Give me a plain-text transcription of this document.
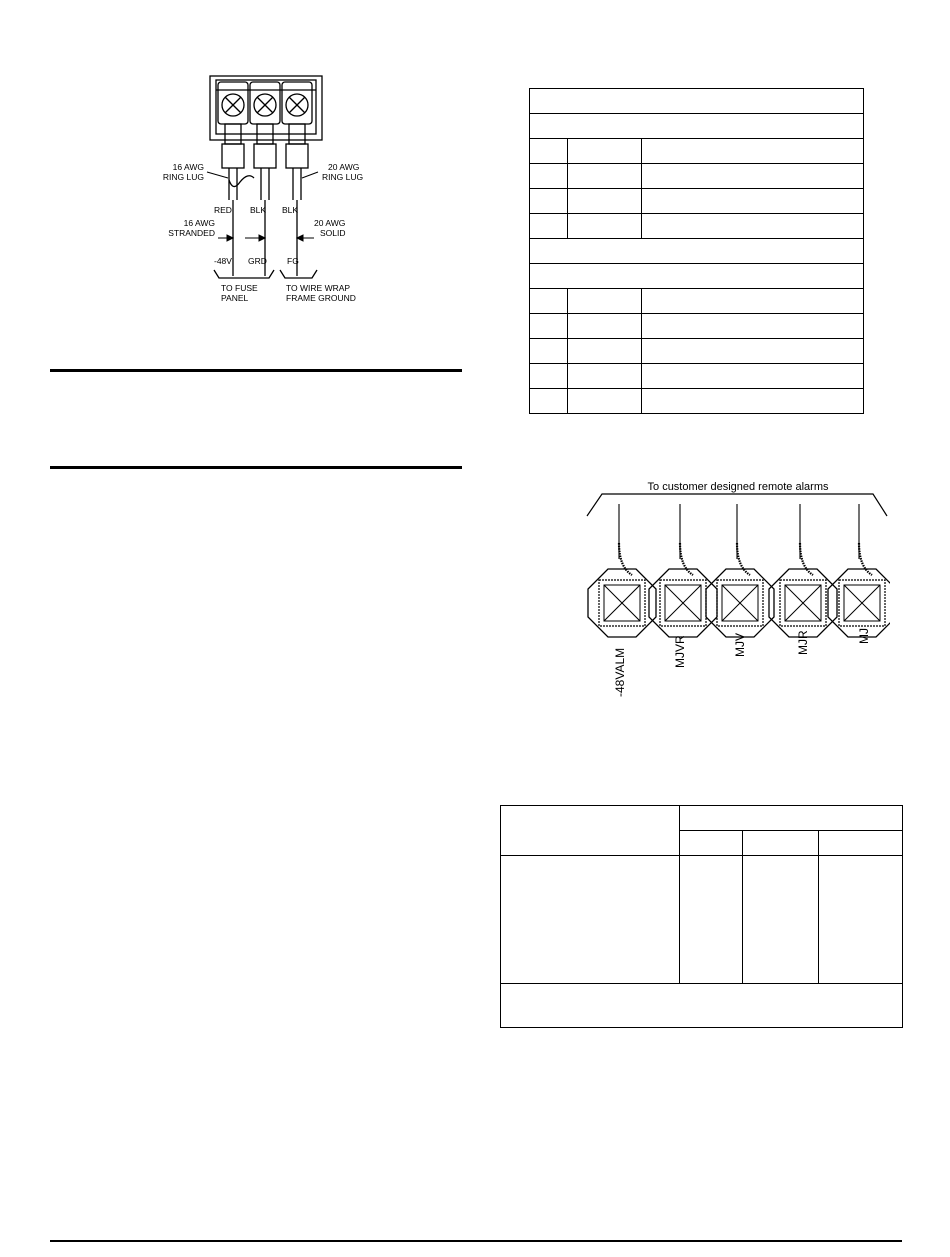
16 AWG
RING LUG
20 AWG
RING LUG
RED BLK BLK
16 AWG
STRANDED
20 AWG
SOLID
-48V GRD FG
TO FUSE
PANEL
TO WIRE WRAP
FRAME GROUND

To customer designed remote alarms
-48VALM	MJVR	MJV	MJR	MJ
